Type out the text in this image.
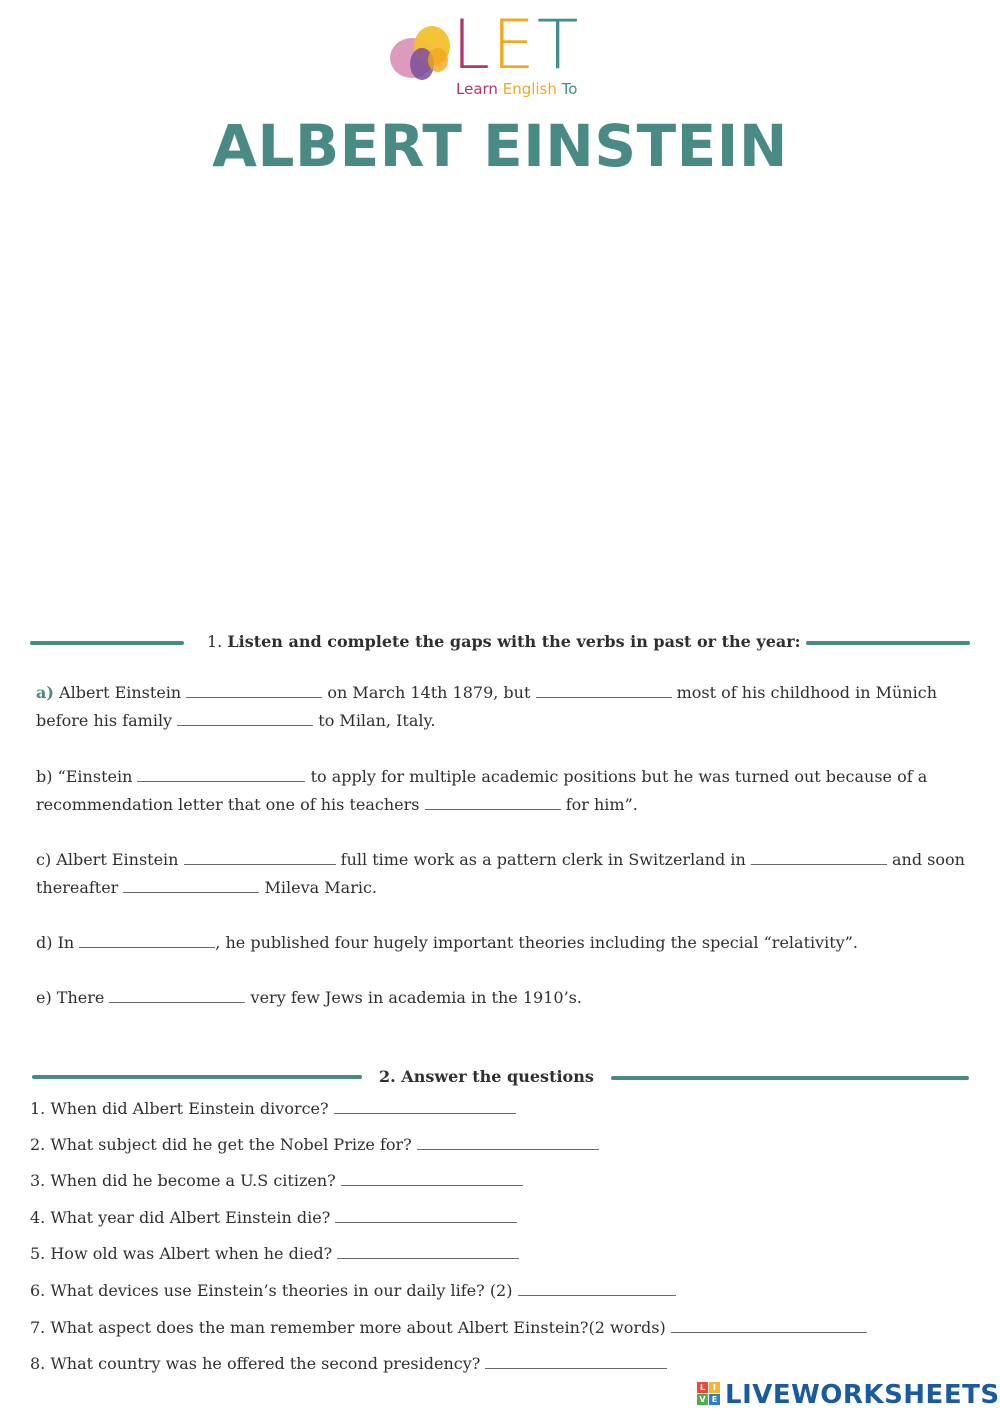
LET
Learn English To
ALBERT EINSTEIN
1. Listen and complete the gaps with the verbs in past or the year:

a) Albert Einstein	on March 14th 1879, but	most of his childhood in Münich
before his family	to Milan, Italy.

b) “Einstein	to apply for multiple academic positions but he was turned out because of a
recommendation letter that one of his teachers	for him”.

c) Albert Einstein	full time work as a pattern clerk in Switzerland in	and soon
thereafter	Mileva Maric.

d) In	, he published four hugely important theories including the special “relativity”.

e) There	very few Jews in academia in the 1910’s.

2. Answer the questions

1. When did Albert Einstein divorce?

2. What subject did he get the Nobel Prize for?

3. When did he become a U.S citizen?

4. What year did Albert Einstein die?

5. How old was Albert when he died?

6. What devices use Einstein’s theories in our daily life? (2)

7. What aspect does the man remember more about Albert Einstein?(2 words)

8. What country was he offered the second presidency?

L I
V E LIVEWORKSHEETS
